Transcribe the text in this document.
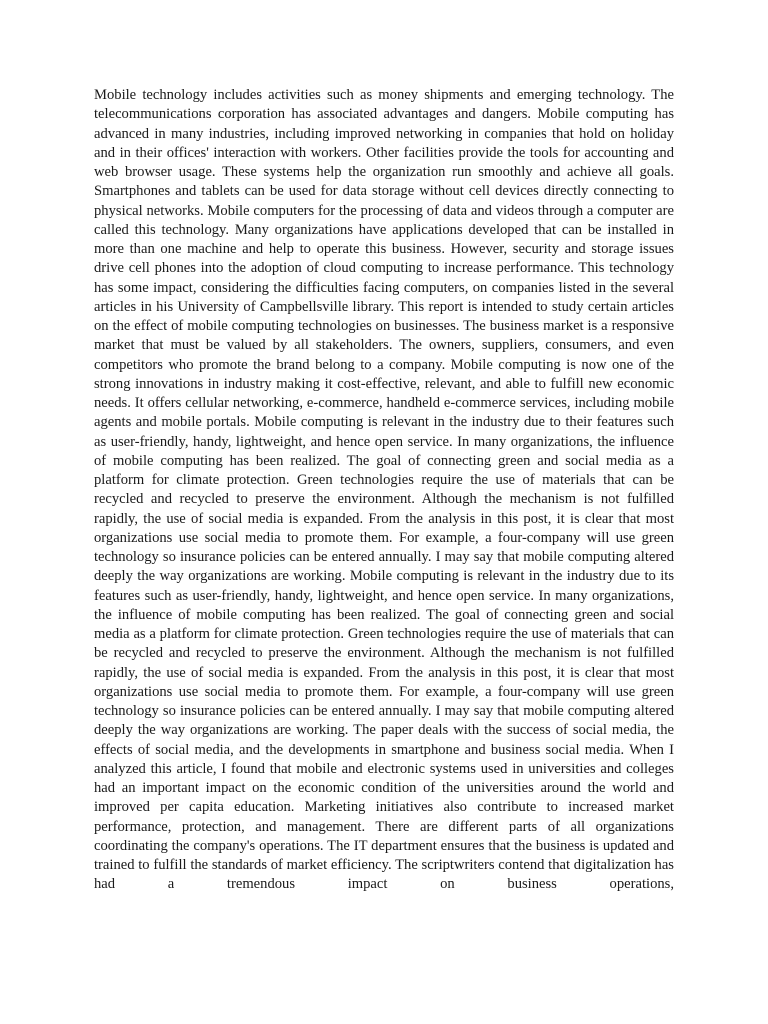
Mobile technology includes activities such as money shipments and emerging technology. The telecommunications corporation has associated advantages and dangers. Mobile computing has advanced in many industries, including improved networking in companies that hold on holiday and in their offices' interaction with workers. Other facilities provide the tools for accounting and web browser usage. These systems help the organization run smoothly and achieve all goals. Smartphones and tablets can be used for data storage without cell devices directly connecting to physical networks. Mobile computers for the processing of data and videos through a computer are called this technology. Many organizations have applications developed that can be installed in more than one machine and help to operate this business. However, security and storage issues drive cell phones into the adoption of cloud computing to increase performance. This technology has some impact, considering the difficulties facing computers, on companies listed in the several articles in his University of Campbellsville library. This report is intended to study certain articles on the effect of mobile computing technologies on businesses. The business market is a responsive market that must be valued by all stakeholders. The owners, suppliers, consumers, and even competitors who promote the brand belong to a company. Mobile computing is now one of the strong innovations in industry making it cost-effective, relevant, and able to fulfill new economic needs. It offers cellular networking, e-commerce, handheld e-commerce services, including mobile agents and mobile portals. Mobile computing is relevant in the industry due to their features such as user-friendly, handy, lightweight, and hence open service. In many organizations, the influence of mobile computing has been realized. The goal of connecting green and social media as a platform for climate protection. Green technologies require the use of materials that can be recycled and recycled to preserve the environment. Although the mechanism is not fulfilled rapidly, the use of social media is expanded. From the analysis in this post, it is clear that most organizations use social media to promote them. For example, a four-company will use green technology so insurance policies can be entered annually. I may say that mobile computing altered deeply the way organizations are working. Mobile computing is relevant in the industry due to its features such as user-friendly, handy, lightweight, and hence open service. In many organizations, the influence of mobile computing has been realized. The goal of connecting green and social media as a platform for climate protection. Green technologies require the use of materials that can be recycled and recycled to preserve the environment. Although the mechanism is not fulfilled rapidly, the use of social media is expanded. From the analysis in this post, it is clear that most organizations use social media to promote them. For example, a four-company will use green technology so insurance policies can be entered annually. I may say that mobile computing altered deeply the way organizations are working. The paper deals with the success of social media, the effects of social media, and the developments in smartphone and business social media. When I analyzed this article, I found that mobile and electronic systems used in universities and colleges had an important impact on the economic condition of the universities around the world and improved per capita education. Marketing initiatives also contribute to increased market performance, protection, and management. There are different parts of all organizations coordinating the company's operations. The IT department ensures that the business is updated and trained to fulfill the standards of market efficiency. The scriptwriters contend that digitalization has had a tremendous impact on business operations,
